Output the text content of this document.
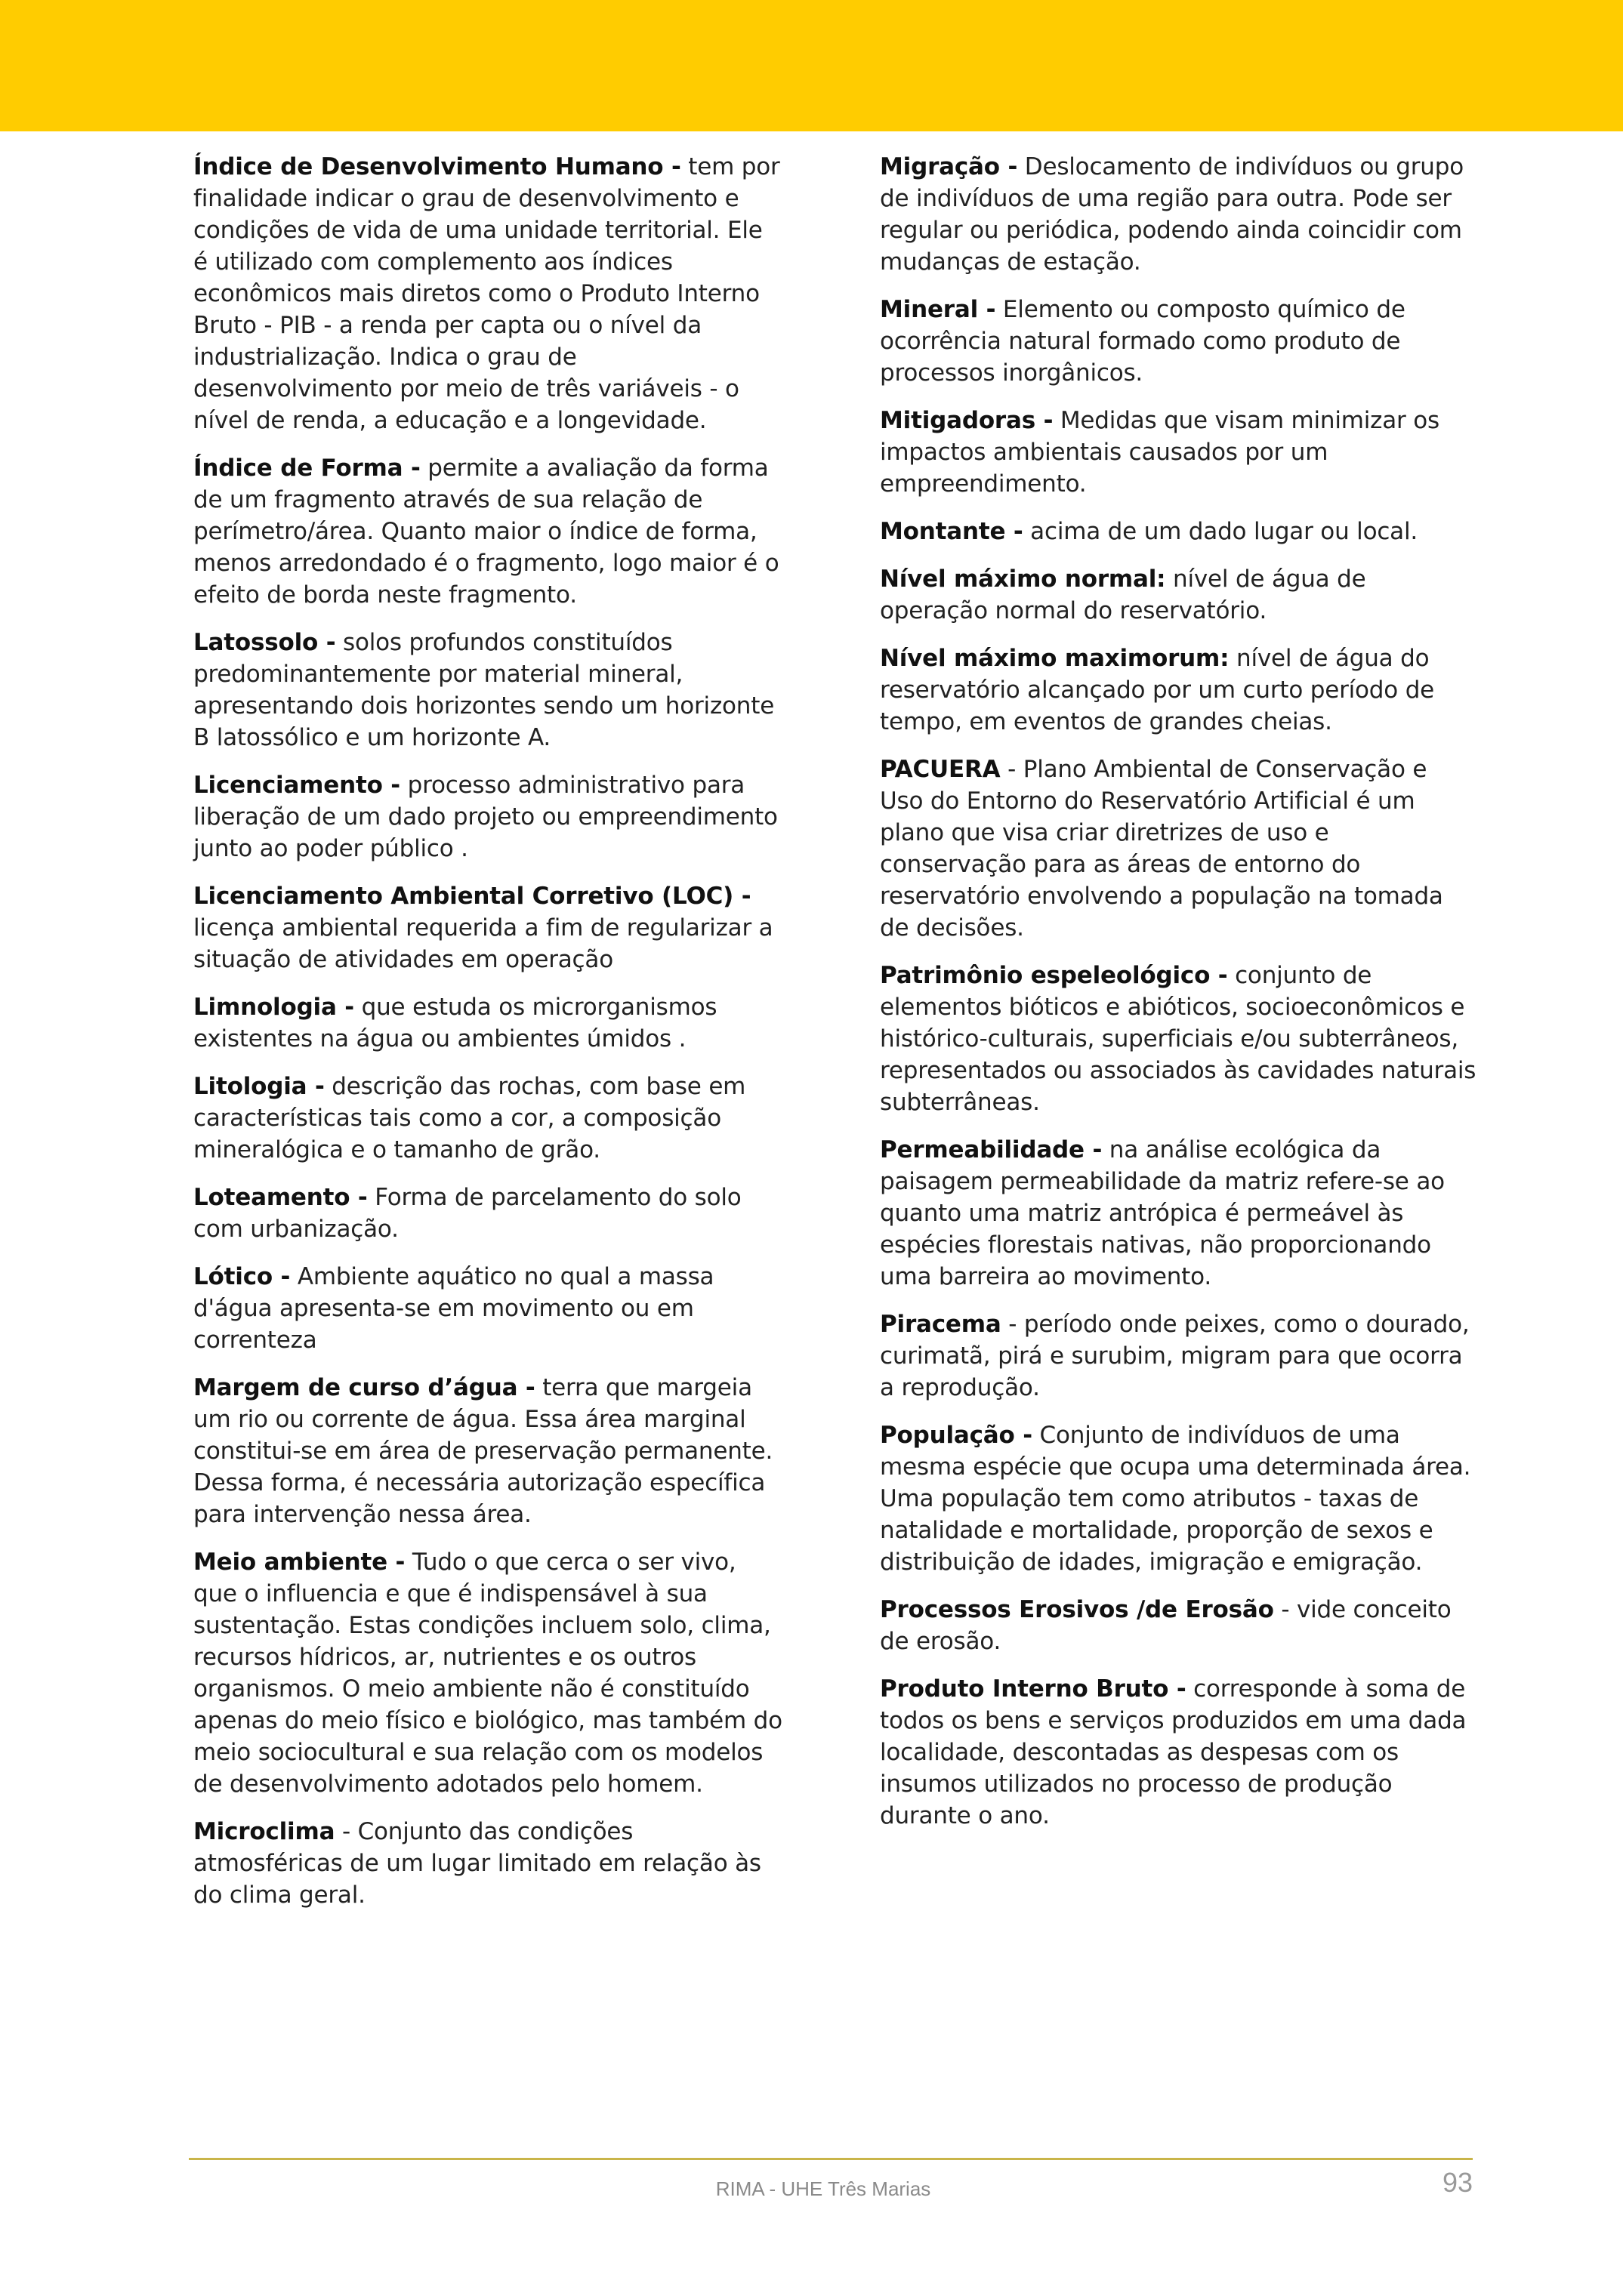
Índice de Desenvolvimento Humano - tem por finalidade indicar o grau de desenvolvimento e condições de vida de uma unidade territorial. Ele é utilizado com complemento aos índices econômicos mais diretos como o Produto Interno Bruto - PIB - a renda per capta ou o nível da industrialização. Indica o grau de desenvolvimento por meio de três variáveis - o nível de renda, a educação e a longevidade.

Índice de Forma - permite a avaliação da forma de um fragmento através de sua relação de perímetro/área. Quanto maior o índice de forma, menos arredondado é o fragmento, logo maior é o efeito de borda neste fragmento.

Latossolo - solos profundos constituídos predominantemente por material mineral, apresentando dois horizontes sendo um horizonte B latossólico e um horizonte A.

Licenciamento - processo administrativo para liberação de um dado projeto ou empreendimento junto ao poder público .

Licenciamento Ambiental Corretivo (LOC) - licença ambiental requerida a fim de regularizar a situação de atividades em operação

Limnologia - que estuda os microrganismos existentes na água ou ambientes úmidos .

Litologia - descrição das rochas, com base em características tais como a cor, a composição mineralógica e o tamanho de grão.

Loteamento - Forma de parcelamento do solo com urbanização.

Lótico - Ambiente aquático no qual a massa d'água apresenta-se em movimento ou em correnteza

Margem de curso d’água - terra que margeia um rio ou corrente de água. Essa área marginal constitui-se em área de preservação permanente. Dessa forma, é necessária autorização específica para intervenção nessa área.

Meio ambiente - Tudo o que cerca o ser vivo, que o influencia e que é indispensável à sua sustentação. Estas condições incluem solo, clima, recursos hídricos, ar, nutrientes e os outros organismos. O meio ambiente não é constituído apenas do meio físico e biológico, mas também do meio sociocultural e sua relação com os modelos de desenvolvimento adotados pelo homem.

Microclima - Conjunto das condições atmosféricas de um lugar limitado em relação às do clima geral.

Migração - Deslocamento de indivíduos ou grupo de indivíduos de uma região para outra. Pode ser regular ou periódica, podendo ainda coincidir com mudanças de estação.

Mineral - Elemento ou composto químico de ocorrência natural formado como produto de processos inorgânicos.

Mitigadoras - Medidas que visam minimizar os impactos ambientais causados por um empreendimento.

Montante - acima de um dado lugar ou local.

Nível máximo normal: nível de água de operação normal do reservatório.

Nível máximo maximorum: nível de água do reservatório alcançado por um curto período de tempo, em eventos de grandes cheias.

PACUERA - Plano Ambiental de Conservação e Uso do Entorno do Reservatório Artificial é um plano que visa criar diretrizes de uso e conservação para as áreas de entorno do reservatório envolvendo a população na tomada de decisões.

Patrimônio espeleológico - conjunto de elementos bióticos e abióticos, socioeconômicos e histórico-culturais, superficiais e/ou subterrâneos, representados ou associados às cavidades naturais subterrâneas.

Permeabilidade - na análise ecológica da paisagem permeabilidade da matriz refere-se ao quanto uma matriz antrópica é permeável às espécies florestais nativas, não proporcionando uma barreira ao movimento.

Piracema - período onde peixes, como o dourado, curimatã, pirá e surubim, migram para que ocorra a reprodução.

População - Conjunto de indivíduos de uma mesma espécie que ocupa uma determinada área. Uma população tem como atributos - taxas de natalidade e mortalidade, proporção de sexos e distribuição de idades, imigração e emigração.

Processos Erosivos /de Erosão - vide conceito de erosão.

Produto Interno Bruto - corresponde à soma de todos os bens e serviços produzidos em uma dada localidade, descontadas as despesas com os insumos utilizados no processo de produção durante o ano.

RIMA - UHE Três Marias	93
